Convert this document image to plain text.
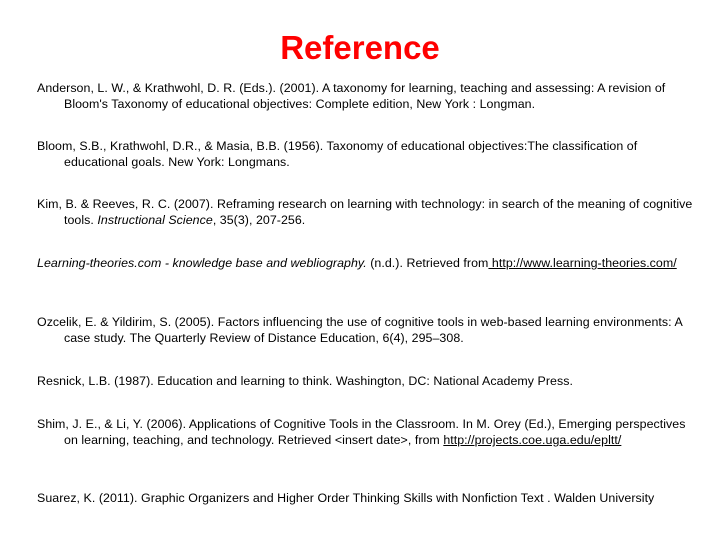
Reference
Anderson, L. W., & Krathwohl, D. R. (Eds.). (2001). A taxonomy for learning, teaching and assessing: A revision of Bloom's Taxonomy of educational objectives: Complete edition, New York : Longman.
Bloom, S.B., Krathwohl, D.R., & Masia, B.B. (1956). Taxonomy of educational objectives:The classification of educational goals. New York: Longmans.
Kim, B. & Reeves, R. C. (2007). Reframing research on learning with technology: in search of the meaning of cognitive tools. Instructional Science, 35(3), 207-256.
Learning-theories.com - knowledge base and webliography. (n.d.). Retrieved from http://www.learning-theories.com/
Ozcelik, E. & Yildirim, S. (2005). Factors influencing the use of cognitive tools in web-based learning environments: A case study. The Quarterly Review of Distance Education, 6(4), 295–308.
Resnick, L.B. (1987). Education and learning to think. Washington, DC: National Academy Press.
Shim, J. E., & Li, Y. (2006). Applications of Cognitive Tools in the Classroom. In M. Orey (Ed.), Emerging perspectives on learning, teaching, and technology. Retrieved <insert date>, from http://projects.coe.uga.edu/epltt/
Suarez, K. (2011). Graphic Organizers and Higher Order Thinking Skills with Nonfiction Text . Walden University
